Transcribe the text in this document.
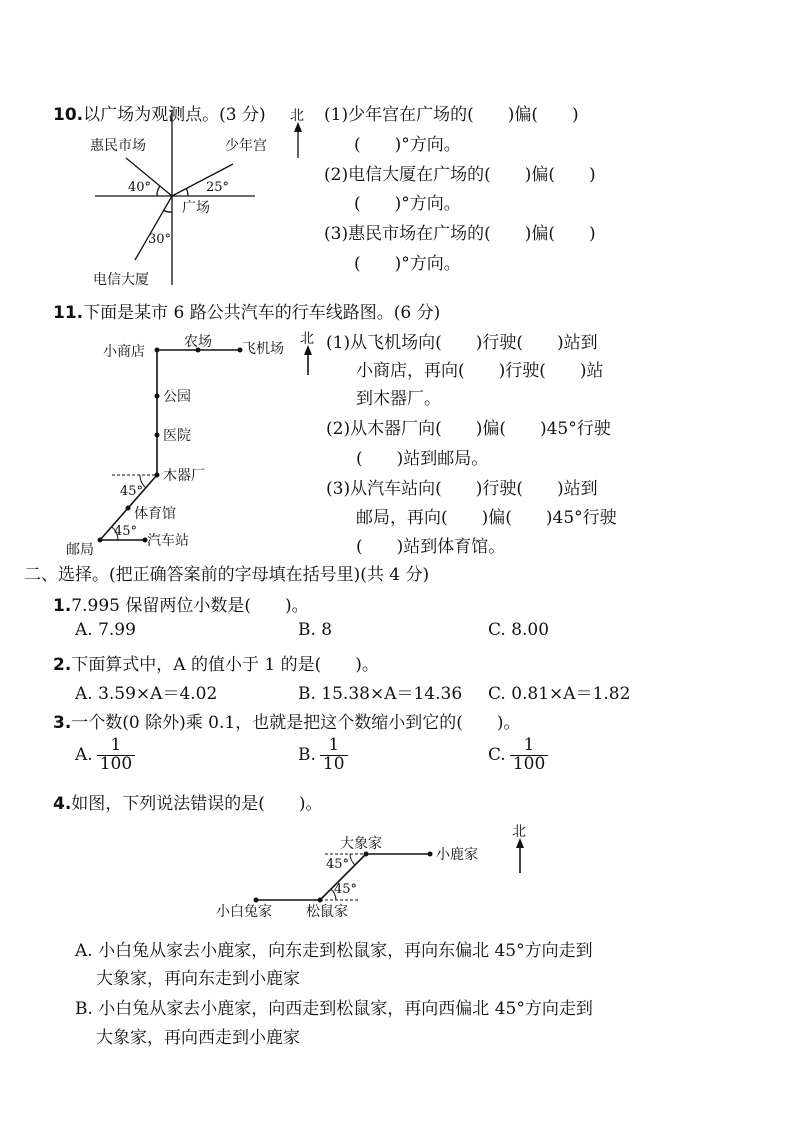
10.以广场为观测点。(3 分) 北
惠民市场	少年宫
广场
电信大厦
40°	25°
30°
(1)少年宫在广场的(　　)偏(　　)
(　　)°方向。
(2)电信大厦在广场的(　　)偏(　　)
(　　)°方向。
(3)惠民市场在广场的(　　)偏(　　)
(　　)°方向。
11.下面是某市 6 路公共汽车的行车线路图。(6 分)
北
小商店
农场 飞机场
公园
医院
木器厂
体育馆
邮局
汽车站
45°
45°
(1)从飞机场向(　　)行驶(　　)站到
小商店，再向(　　)行驶(　　)站
到木器厂。
(2)从木器厂向(　　)偏(　　)45°行驶
(　　)站到邮局。
(3)从汽车站向(　　)行驶(　　)站到
邮局，再向(　　)偏(　　)45°行驶
(　　)站到体育馆。
二、选择。(把正确答案前的字母填在括号里)(共 4 分)
1.7.995 保留两位小数是(　　)。
A. 7.99	B. 8	C. 8.00
2.下面算式中，A 的值小于 1 的是(　　)。
A. 3.59×A＝4.02	B. 15.38×A＝14.36 C. 0.81×A＝1.82
3.一个数(0 除外)乘 0.1，也就是把这个数缩小到它的(　　)。
A. $\frac{1}{100}$	B. $\frac{1}{10}$	C. $\frac{1}{100}$
4.如图，下列说法错误的是(　　)。
北
大象家
小鹿家
小白兔家 松鼠家
45°
45°
A. 小白兔从家去小鹿家，向东走到松鼠家，再向东偏北 45°方向走到
大象家，再向东走到小鹿家
B. 小白兔从家去小鹿家，向西走到松鼠家，再向西偏北 45°方向走到
大象家，再向西走到小鹿家
